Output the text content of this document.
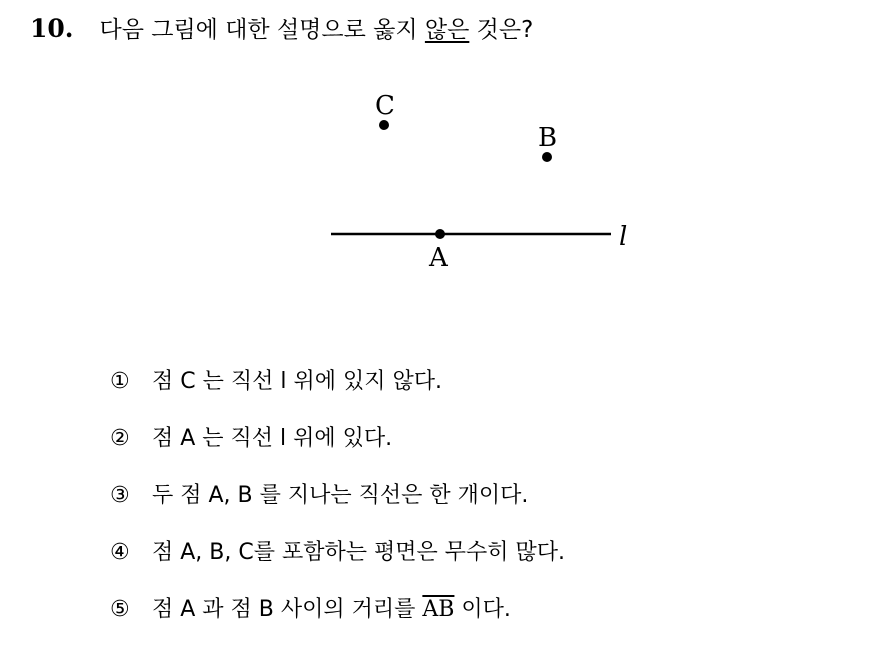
10. 다음 그림에 대한 설명으로 옳지 않은 것은?
l
C
B
A
① 점 C 는 직선 l 위에 있지 않다.
② 점 A 는 직선 l 위에 있다.
③ 두 점 A, B 를 지나는 직선은 한 개이다.
④ 점 A, B, C를 포함하는 평면은 무수히 많다.
⑤ 점 A 과 점 B 사이의 거리를 $\overline{AB}$ 이다.
